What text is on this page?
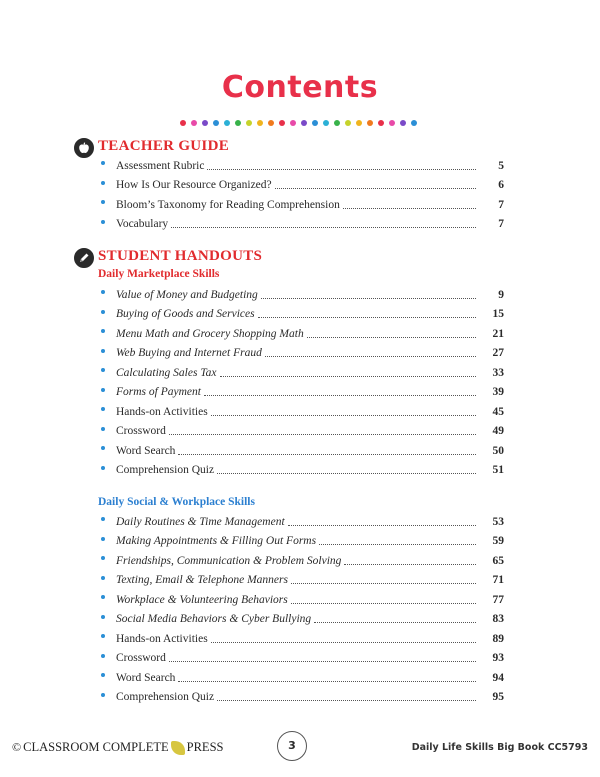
Contents
TEACHER GUIDE
Assessment Rubric	5
How Is Our Resource Organized?	6
Bloom’s Taxonomy for Reading Comprehension	7
Vocabulary	7
STUDENT HANDOUTS
Daily Marketplace Skills
Value of Money and Budgeting	9
Buying of Goods and Services	15
Menu Math and Grocery Shopping Math	21
Web Buying and Internet Fraud	27
Calculating Sales Tax	33
Forms of Payment	39
Hands-on Activities	45
Crossword	49
Word Search	50
Comprehension Quiz	51
Daily Social & Workplace Skills
Daily Routines & Time Management	53
Making Appointments & Filling Out Forms	59
Friendships, Communication & Problem Solving	65
Texting, Email & Telephone Manners	71
Workplace & Volunteering Behaviors	77
Social Media Behaviors & Cyber Bullying	83
Hands-on Activities	89
Crossword	93
Word Search	94
Comprehension Quiz	95
© CLASSROOM COMPLETE PRESS	3	Daily Life Skills Big Book CC5793
